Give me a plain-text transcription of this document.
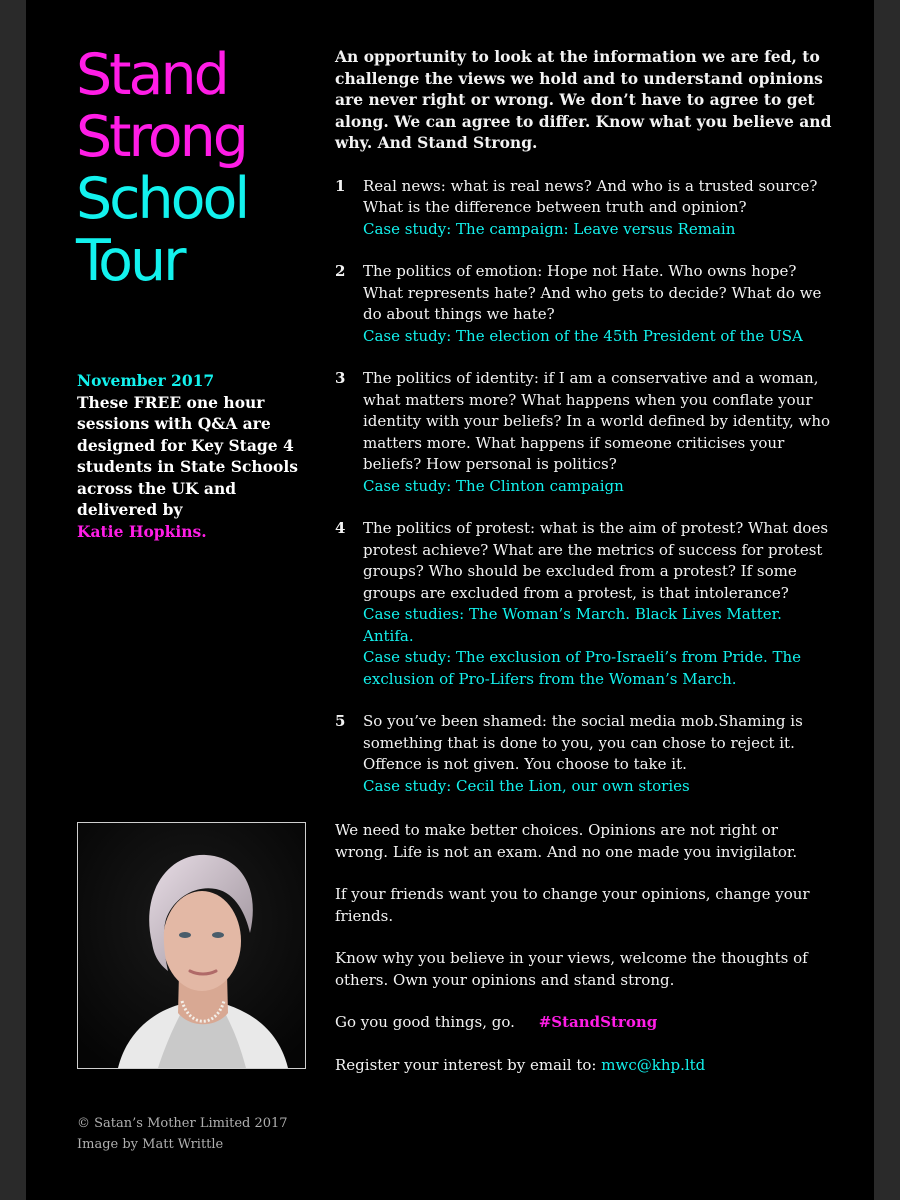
Stand
Strong
School
Tour
November 2017
These FREE one hour sessions with Q&A are designed for Key Stage 4 students in State Schools across the UK and delivered by
Katie Hopkins.
© Satan’s Mother Limited 2017
Image by Matt Writtle

An opportunity to look at the information we are fed, to challenge the views we hold and to understand opinions are never right or wrong. We don’t have to agree to get along. We can agree to differ. Know what you believe and why. And Stand Strong.

1 Real news: what is real news? And who is a trusted source? What is the difference between truth and opinion?
Case study: The campaign: Leave versus Remain
2 The politics of emotion: Hope not Hate. Who owns hope? What represents hate? And who gets to decide? What do we do about things we hate?
Case study: The election of the 45th President of the USA
3 The politics of identity: if I am a conservative and a woman, what matters more? What happens when you conflate your identity with your beliefs? In a world defined by identity, who matters more. What happens if someone criticises your beliefs? How personal is politics?
Case study: The Clinton campaign
4 The politics of protest: what is the aim of protest? What does protest achieve? What are the metrics of success for protest groups? Who should be excluded from a protest? If some groups are excluded from a protest, is that intolerance?
Case studies: The Woman’s March. Black Lives Matter. Antifa.
Case study: The exclusion of Pro-Israeli’s from Pride. The exclusion of Pro-Lifers from the Woman’s March.
5 So you’ve been shamed: the social media mob.Shaming is something that is done to you, you can chose to reject it. Offence is not given. You choose to take it.
Case study: Cecil the Lion, our own stories

We need to make better choices. Opinions are not right or wrong. Life is not an exam. And no one made you invigilator.

If your friends want you to change your opinions, change your friends.

Know why you believe in your views, welcome the thoughts of others. Own your opinions and stand strong.

Go you good things, go. #StandStrong

Register your interest by email to: mwc@khp.ltd
